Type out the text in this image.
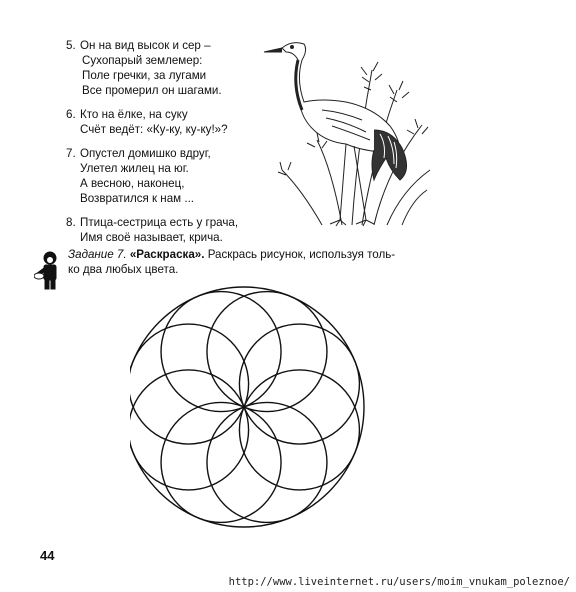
5. Он на вид высок и сер –
Сухопарый землемер:
Поле гречки, за лугами
Все промерил он шагами.
6. Кто на ёлке, на суку
Счёт ведёт: «Ку-ку, ку-ку!»?
7. Опустел домишко вдруг,
Улетел жилец на юг.
А весною, наконец,
Возвратился к нам ...
8. Птица-сестрица есть у грача,
Имя своё называет, крича.
Задание 7. «Раскраска». Раскрась рисунок, используя толь-
ко два любых цвета.
44
http://www.liveinternet.ru/users/moim_vnukam_poleznoe/
